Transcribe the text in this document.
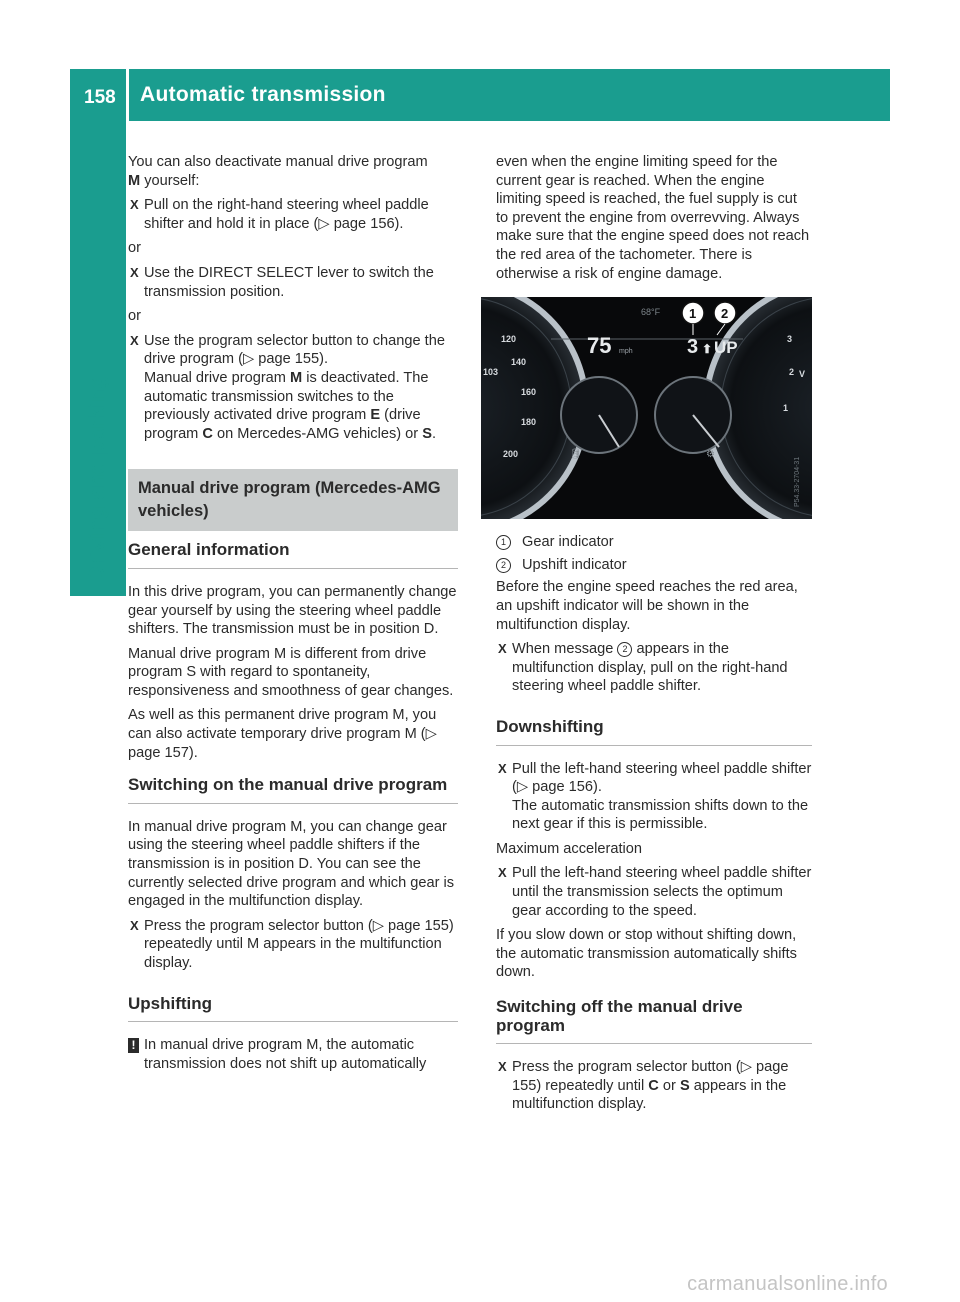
158 Automatic transmission
Driving and parking

You can also deactivate manual drive program
M yourself:

X Pull on the right-hand steering wheel paddle shifter and hold it in place (▷ page 156).
or
X Use the DIRECT SELECT lever to switch the transmission position.
or
X Use the program selector button to change the drive program (▷ page 155).
Manual drive program M is deactivated. The automatic transmission switches to the previously activated drive program E (drive program C on Mercedes-AMG vehicles) or S.
Manual drive program (Mercedes-AMG vehicles)
General information

In this drive program, you can permanently change gear yourself by using the steering wheel paddle shifters. The transmission must be in position D.

Manual drive program M is different from drive program S with regard to spontaneity, responsiveness and smoothness of gear changes.

As well as this permanent drive program M, you can also activate temporary drive program M (▷ page 157).

Switching on the manual drive program

In manual drive program M, you can change gear using the steering wheel paddle shifters if the transmission is in position D. You can see the currently selected drive program and which gear is engaged in the multifunction display.

X Press the program selector button (▷ page 155) repeatedly until M appears in the multifunction display.
Upshifting
! In manual drive program M, the automatic transmission does not shift up automatically

even when the engine limiting speed for the current gear is reached. When the engine limiting speed is reached, the fuel supply is cut to prevent the engine from overrevving. Always make sure that the engine speed does not reach the red area of the tachometer. There is otherwise a risk of engine damage.

120
140
160
180
200
103
3
2 V
1
68°F
75 mph	3 ⬆ UP
1 2
🛢	⚙
P54.33-2704-31
1	Gear indicator
2	Upshift indicator

Before the engine speed reaches the red area, an upshift indicator will be shown in the multifunction display.

X When message 2 appears in the multifunction display, pull on the right-hand steering wheel paddle shifter.
Downshifting
X Pull the left-hand steering wheel paddle shifter (▷ page 156).
The automatic transmission shifts down to the next gear if this is permissible.

Maximum acceleration

X Pull the left-hand steering wheel paddle shifter until the transmission selects the optimum gear according to the speed.

If you slow down or stop without shifting down, the automatic transmission automatically shifts down.

Switching off the manual drive program
X Press the program selector button (▷ page 155) repeatedly until C or S appears in the multifunction display.
carmanualsonline.info
